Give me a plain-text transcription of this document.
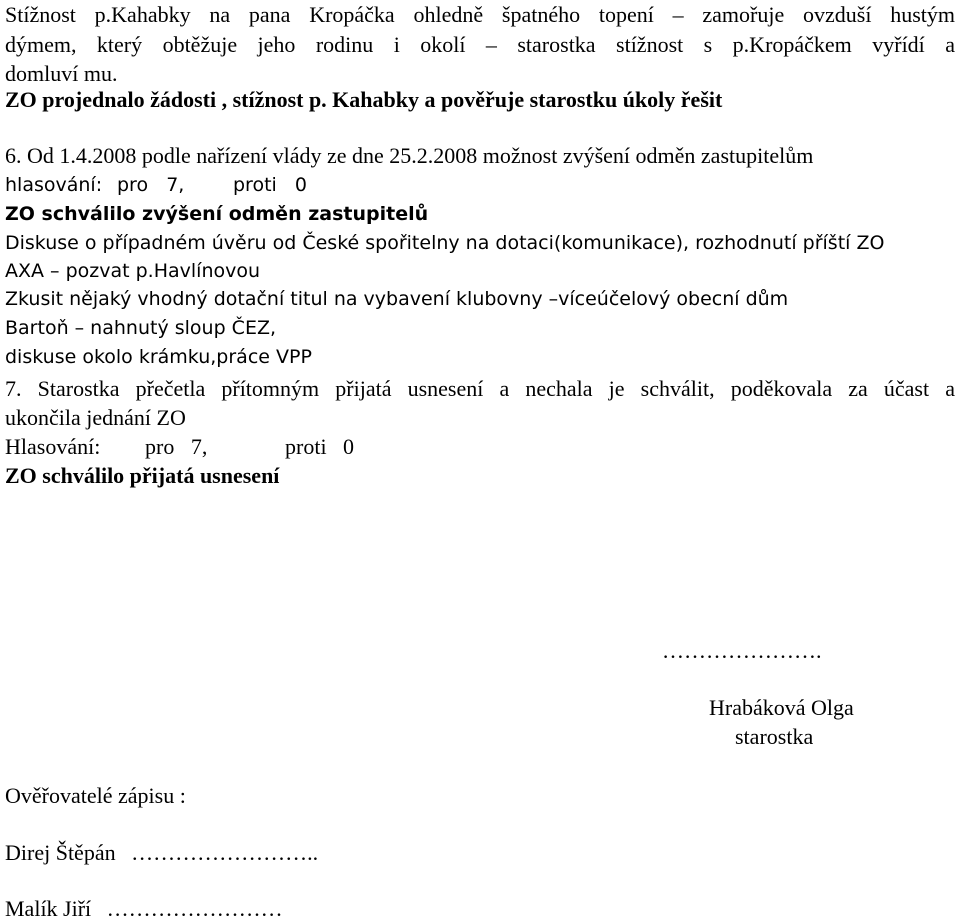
Stížnost p.Kahabky na pana Kropáčka ohledně špatného topení – zamořuje ovzduší hustým
dýmem, který obtěžuje jeho rodinu i okolí – starostka stížnost s p.Kropáčkem vyřídí a
domluví mu.
ZO projednalo žádosti , stížnost p. Kahabky a pověřuje starostku úkoly řešit
6. Od 1.4.2008 podle nařízení vlády ze dne 25.2.2008 možnost zvýšení odměn zastupitelům
hlasování: pro   7,	proti   0
ZO schválilo zvýšení odměn zastupitelů
Diskuse o případném úvěru od České spořitelny na dotaci(komunikace), rozhodnutí příští ZO
AXA – pozvat p.Havlínovou
Zkusit nějaký vhodný dotační titul na vybavení klubovny –víceúčelový obecní dům
Bartoň – nahnutý sloup ČEZ,
diskuse okolo krámku,práce VPP
7. Starostka přečetla přítomným přijatá usnesení a nechala je schválit, poděkovala za účast a
ukončila jednání ZO
Hlasování: pro   7,	proti   0
ZO schválilo přijatá usnesení
………………….
Hrabáková Olga
starostka
Ověřovatelé zápisu :
Direj Štěpán ……………………..
Malík Jiří ……………………
